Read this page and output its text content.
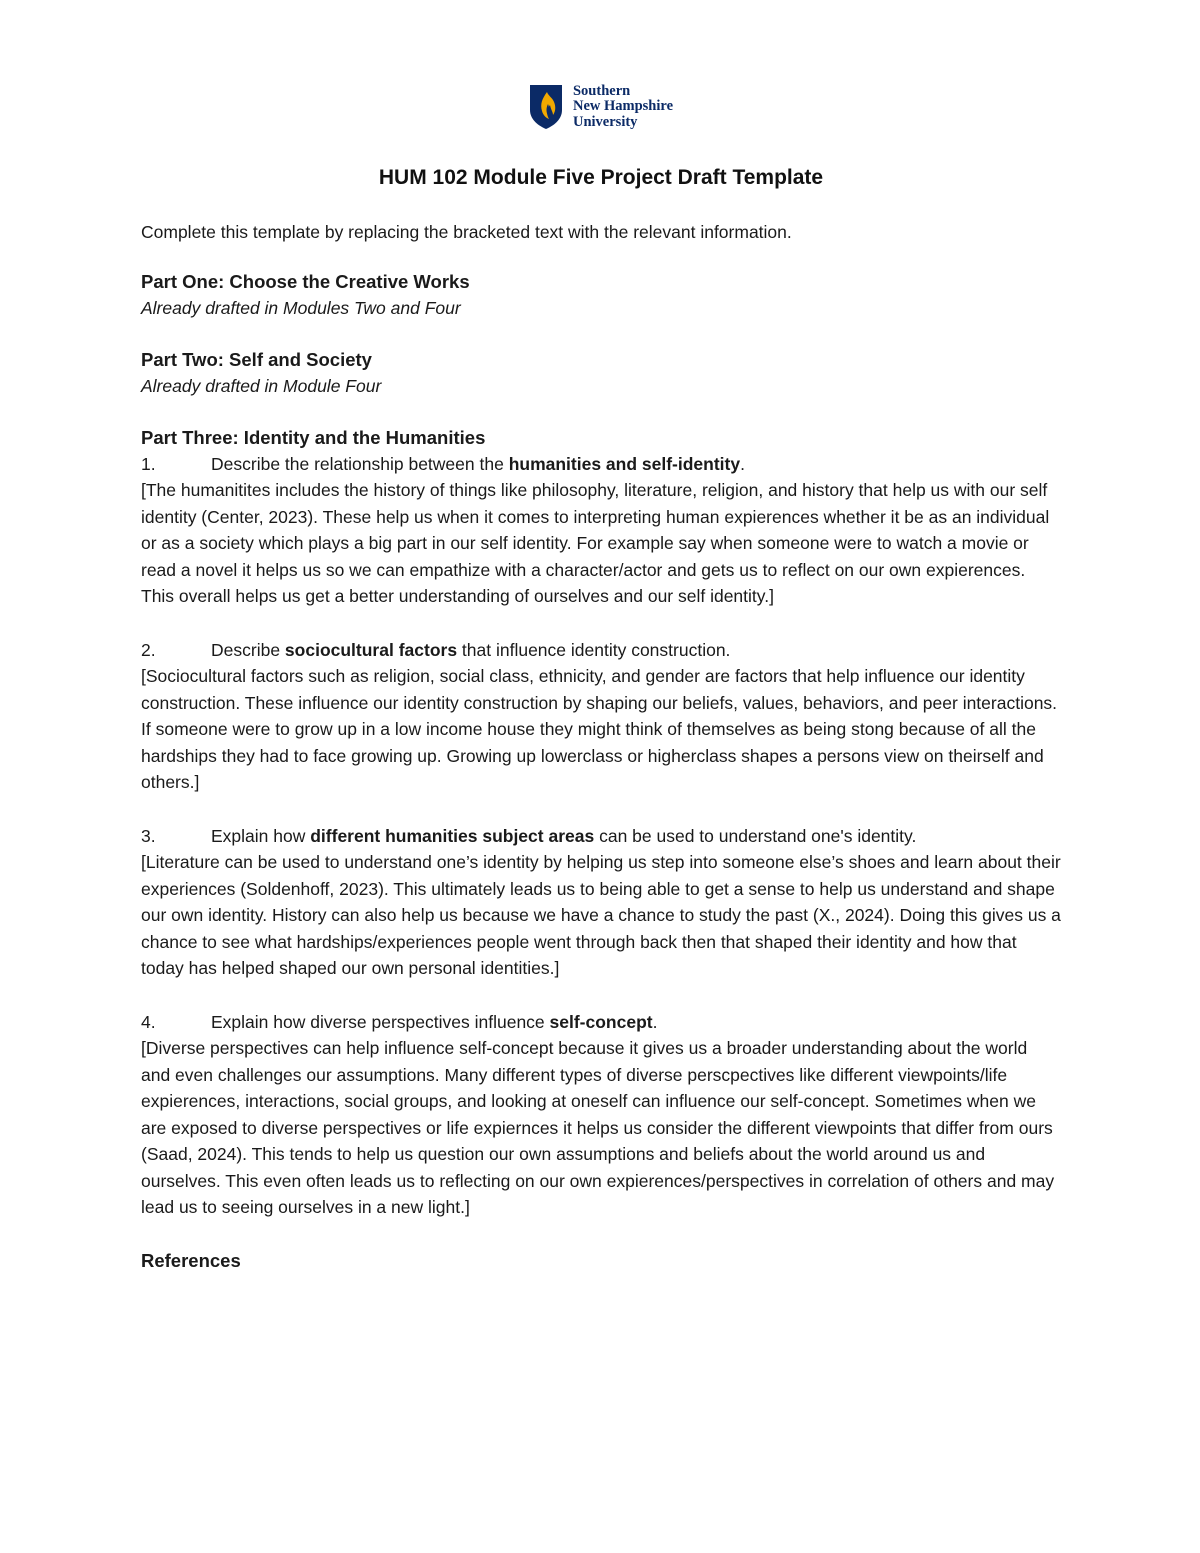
Southern
New Hampshire
University
HUM 102 Module Five Project Draft Template

Complete this template by replacing the bracketed text with the relevant information.

Part One: Choose the Creative Works

Already drafted in Modules Two and Four

Part Two: Self and Society

Already drafted in Module Four

Part Three: Identity and the Humanities

1.	Describe the relationship between the humanities and self-identity.

[The humanitites includes the history of things like philosophy, literature, religion, and history that help us with our self identity (Center, 2023). These help us when it comes to interpreting human expierences whether it be as an individual or as a society which plays a big part in our self identity. For example say when someone were to watch a movie or read a novel it helps us so we can empathize with a character/actor and gets us to reflect on our own expierences. This overall helps us get a better understanding of ourselves and our self identity.]

2.	Describe sociocultural factors that influence identity construction.

[Sociocultural factors such as religion, social class, ethnicity, and gender are factors that help influence our identity construction. These influence our identity construction by shaping our beliefs, values, behaviors, and peer interactions. If someone were to grow up in a low income house they might think of themselves as being stong because of all the hardships they had to face growing up. Growing up lowerclass or higherclass shapes a persons view on theirself and others.]

3.	Explain how different humanities subject areas can be used to understand one's identity.

[Literature can be used to understand one’s identity by helping us step into someone else’s shoes and learn about their experiences (Soldenhoff, 2023). This ultimately leads us to being able to get a sense to help us understand and shape our own identity. History can also help us because we have a chance to study the past (X., 2024). Doing this gives us a chance to see what hardships/experiences people went through back then that shaped their identity and how that today has helped shaped our own personal identities.]

4.	Explain how diverse perspectives influence self-concept.

[Diverse perspectives can help influence self-concept because it gives us a broader understanding about the world and even challenges our assumptions. Many different types of diverse perscpectives like different viewpoints/life expierences, interactions, social groups, and looking at oneself can influence our self-concept. Sometimes when we are exposed to diverse perspectives or life expiernces it helps us consider the different viewpoints that differ from ours (Saad, 2024). This tends to help us question our own assumptions and beliefs about the world around us and ourselves. This even often leads us to reflecting on our own expierences/perspectives in correlation of others and may lead us to seeing ourselves in a new light.]

References
